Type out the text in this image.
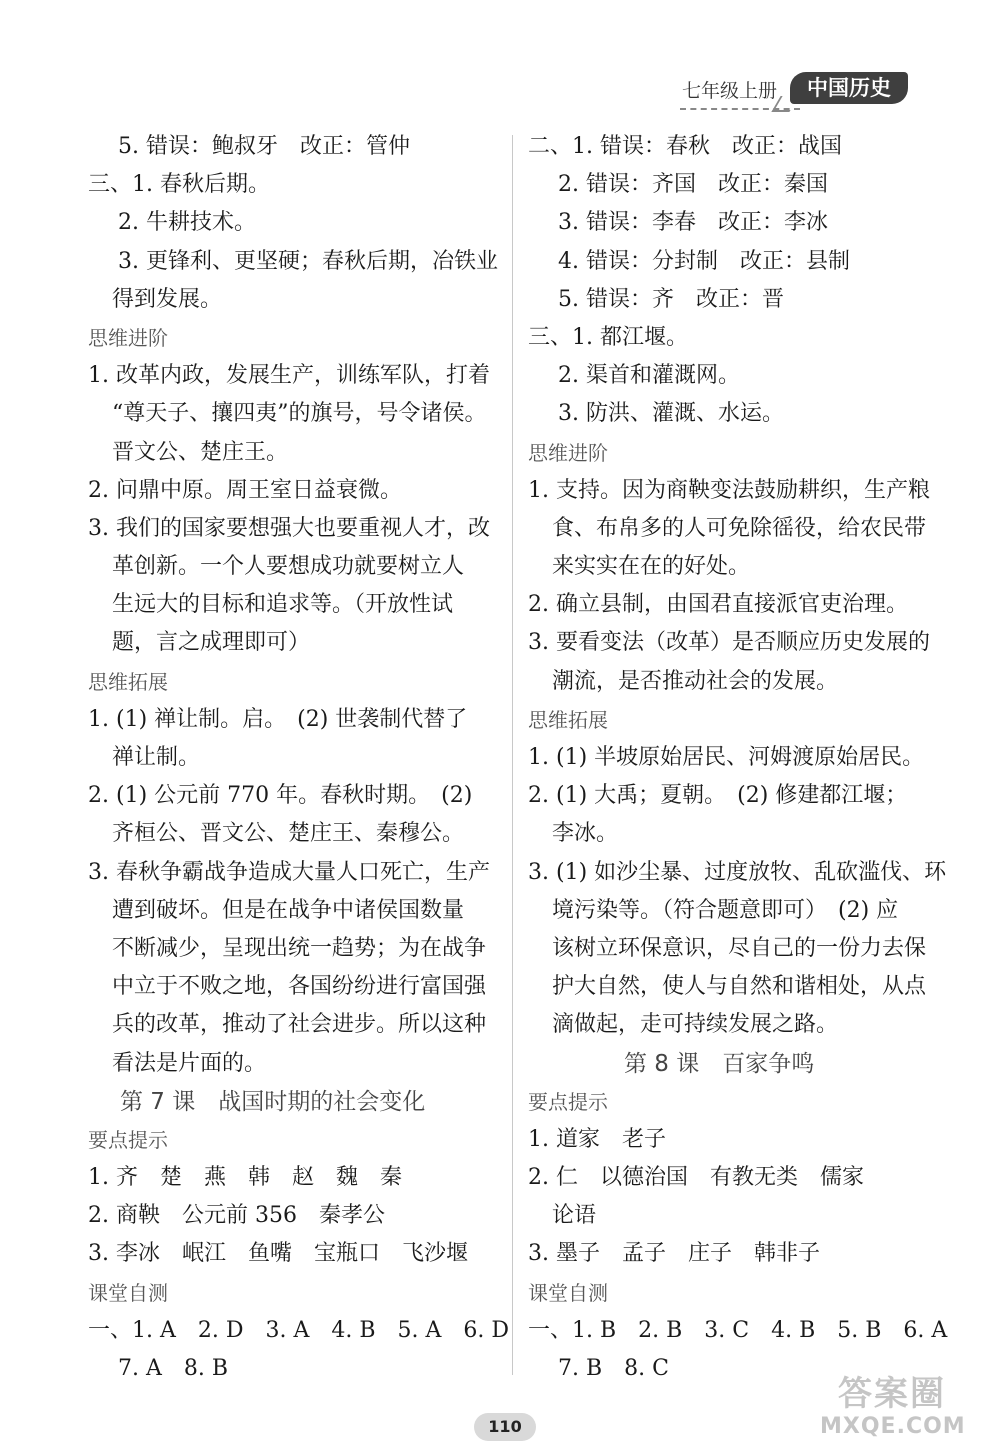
七年级上册	中国历史
5. 错误：鲍叔牙　改正：管仲
三、1. 春秋后期。
2. 牛耕技术。
3. 更锋利、更坚硬；春秋后期，冶铁业
得到发展。
思维进阶
1. 改革内政，发展生产，训练军队，打着
“尊天子、攘四夷”的旗号，号令诸侯。
晋文公、楚庄王。
2. 问鼎中原。周王室日益衰微。
3. 我们的国家要想强大也要重视人才，改
革创新。一个人要想成功就要树立人
生远大的目标和追求等。（开放性试
题，言之成理即可）
思维拓展
1. (1) 禅让制。启。　(2) 世袭制代替了
禅让制。
2. (1) 公元前 770 年。春秋时期。　(2)
齐桓公、晋文公、楚庄王、秦穆公。
3. 春秋争霸战争造成大量人口死亡，生产
遭到破坏。但是在战争中诸侯国数量
不断减少，呈现出统一趋势；为在战争
中立于不败之地，各国纷纷进行富国强
兵的改革，推动了社会进步。所以这种
看法是片面的。
第 7 课　战国时期的社会变化
要点提示
1. 齐　楚　燕　韩　赵　魏　秦
2. 商鞅　公元前 356　秦孝公
3. 李冰　岷江　鱼嘴　宝瓶口　飞沙堰
课堂自测
一、1. A　2. D　3. A　4. B　5. A　6. D
7. A　8. B
二、1. 错误：春秋　改正：战国
2. 错误：齐国　改正：秦国
3. 错误：李春　改正：李冰
4. 错误：分封制　改正：县制
5. 错误：齐　改正：晋
三、1. 都江堰。
2. 渠首和灌溉网。
3. 防洪、灌溉、水运。
思维进阶
1. 支持。因为商鞅变法鼓励耕织，生产粮
食、布帛多的人可免除徭役，给农民带
来实实在在的好处。
2. 确立县制，由国君直接派官吏治理。
3. 要看变法（改革）是否顺应历史发展的
潮流，是否推动社会的发展。
思维拓展
1. (1) 半坡原始居民、河姆渡原始居民。
2. (1) 大禹；夏朝。　(2) 修建都江堰；
李冰。
3. (1) 如沙尘暴、过度放牧、乱砍滥伐、环
境污染等。（符合题意即可）　(2) 应
该树立环保意识，尽自己的一份力去保
护大自然，使人与自然和谐相处，从点
滴做起，走可持续发展之路。
第 8 课　百家争鸣
要点提示
1. 道家　老子
2. 仁　以德治国　有教无类　儒家
论语
3. 墨子　孟子　庄子　韩非子
课堂自测
一、1. B　2. B　3. C　4. B　5. B　6. A
7. B　8. C
110
答案圈
MXQE.COM
